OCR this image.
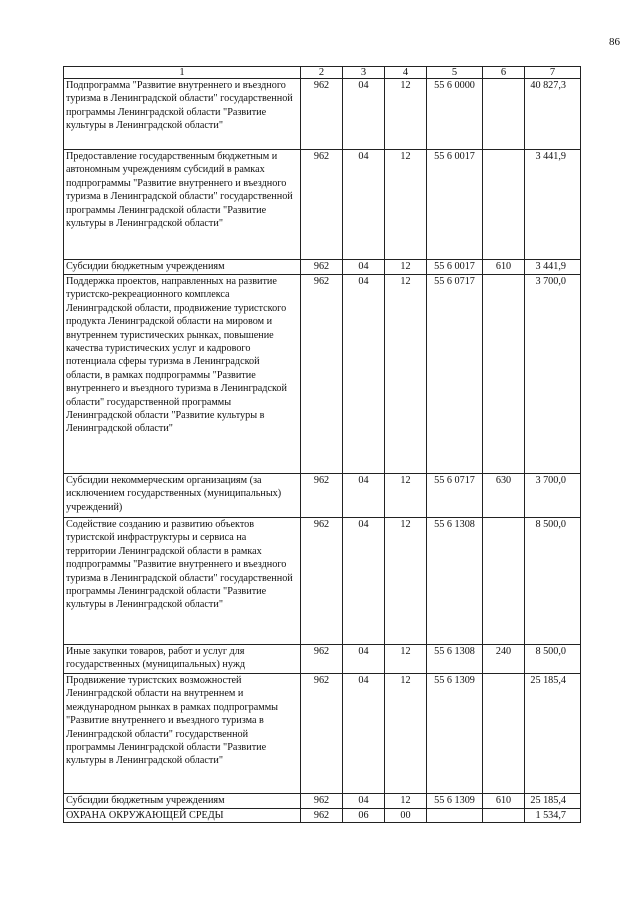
86
1	2	3	4	5	6	7
Подпрограмма "Развитие внутреннего и въездного туризма в Ленинградской области" государственной программы Ленинградской области "Развитие культуры в Ленинградской области"	962	04	12	55 6 0000		40 827,3
Предоставление государственным бюджетным и автономным учреждениям субсидий в рамках подпрограммы "Развитие внутреннего и въездного туризма в Ленинградской области" государственной программы Ленинградской области "Развитие культуры в Ленинградской области"	962	04	12	55 6 0017		3 441,9
Субсидии бюджетным учреждениям	962	04	12	55 6 0017	610	3 441,9
Поддержка проектов, направленных на развитие туристско-рекреационного комплекса Ленинградской области, продвижение туристского продукта Ленинградской области на мировом и внутреннем туристических рынках, повышение качества туристических услуг и кадрового потенциала сферы туризма в Ленинградской области, в рамках подпрограммы "Развитие внутреннего и въездного туризма в Ленинградской области" государственной программы Ленинградской области "Развитие культуры в Ленинградской области"	962	04	12	55 6 0717		3 700,0
Субсидии некоммерческим организациям (за исключением государственных (муниципальных) учреждений)	962	04	12	55 6 0717	630	3 700,0
Содействие созданию и развитию объектов туристской инфраструктуры и сервиса на территории Ленинградской области в рамках подпрограммы "Развитие внутреннего и въездного туризма в Ленинградской области" государственной программы Ленинградской области "Развитие культуры в Ленинградской области"	962	04	12	55 6 1308		8 500,0
Иные закупки товаров, работ и услуг для государственных (муниципальных) нужд	962	04	12	55 6 1308	240	8 500,0
Продвижение туристских возможностей Ленинградской области на внутреннем и международном рынках в рамках подпрограммы "Развитие внутреннего и въездного туризма в Ленинградской области" государственной программы Ленинградской области "Развитие культуры в Ленинградской области"	962	04	12	55 6 1309		25 185,4
Субсидии бюджетным учреждениям	962	04	12	55 6 1309	610	25 185,4
ОХРАНА ОКРУЖАЮЩЕЙ СРЕДЫ	962	06	00			1 534,7
